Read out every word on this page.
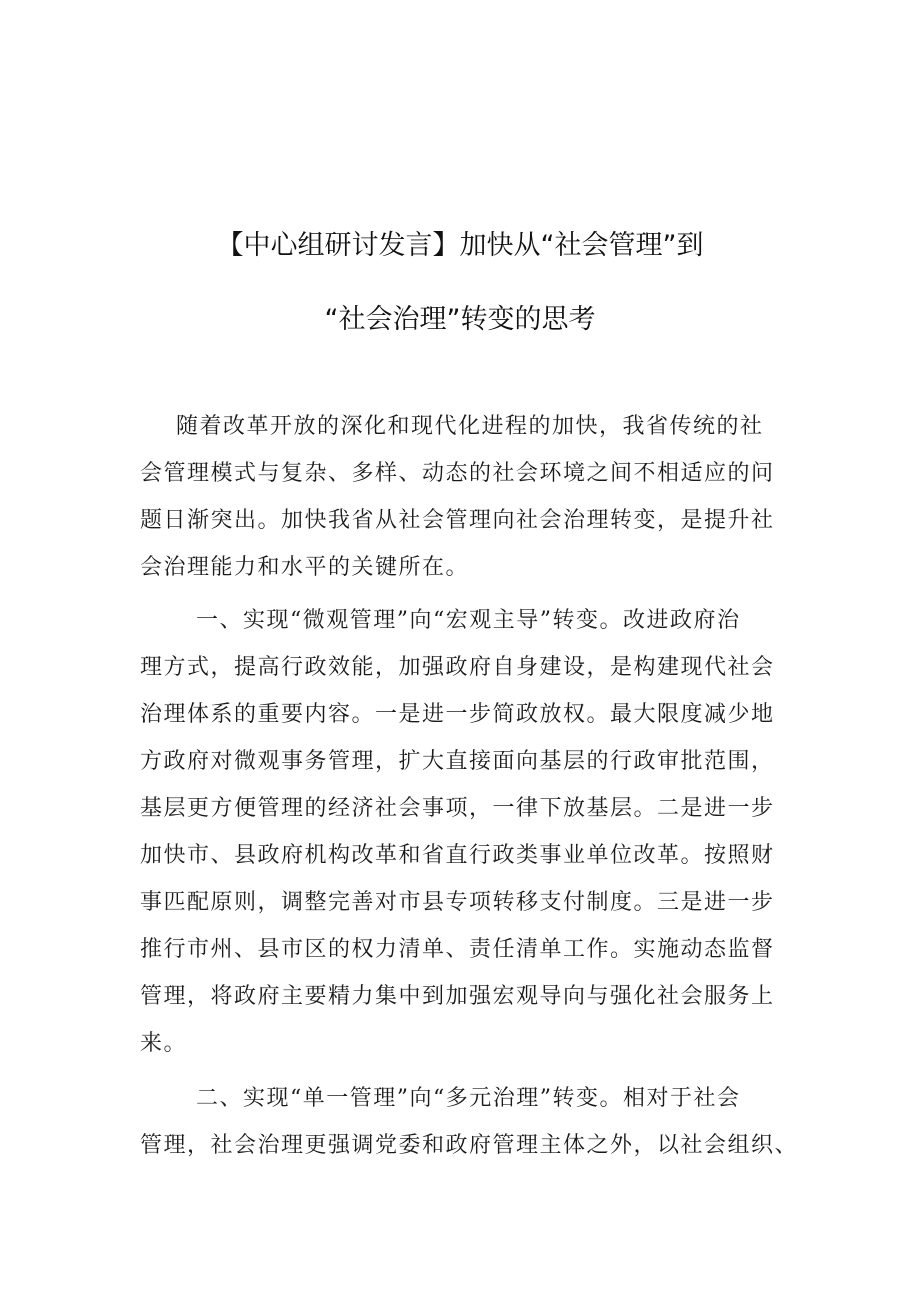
【中心组研讨发言】加快从“社会管理”到
“社会治理”转变的思考
随着改革开放的深化和现代化进程的加快，我省传统的社
会管理模式与复杂、多样、动态的社会环境之间不相适应的问
题日渐突出。加快我省从社会管理向社会治理转变，是提升社
会治理能力和水平的关键所在。
一、实现“微观管理”向“宏观主导”转变。改进政府治
理方式，提高行政效能，加强政府自身建设，是构建现代社会
治理体系的重要内容。一是进一步简政放权。最大限度减少地
方政府对微观事务管理，扩大直接面向基层的行政审批范围，
基层更方便管理的经济社会事项，一律下放基层。二是进一步
加快市、县政府机构改革和省直行政类事业单位改革。按照财
事匹配原则，调整完善对市县专项转移支付制度。三是进一步
推行市州、县市区的权力清单、责任清单工作。实施动态监督
管理，将政府主要精力集中到加强宏观导向与强化社会服务上
来。
二、实现“单一管理”向“多元治理”转变。相对于社会
管理，社会治理更强调党委和政府管理主体之外，以社会组织、
